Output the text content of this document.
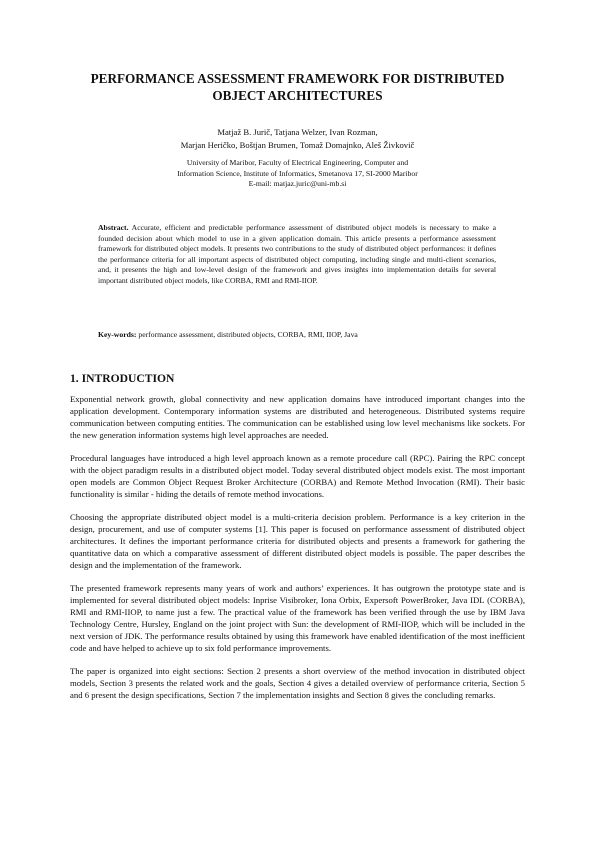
PERFORMANCE ASSESSMENT FRAMEWORK FOR DISTRIBUTED
OBJECT ARCHITECTURES
Matjaž B. Jurič, Tatjana Welzer, Ivan Rozman,
Marjan Heričko, Boštjan Brumen, Tomaž Domajnko, Aleš Živkovič
University of Maribor, Faculty of Electrical Engineering, Computer and
Information Science, Institute of Informatics, Smetanova 17, SI-2000 Maribor
E-mail: matjaz.juric@uni-mb.si

Abstract. Accurate, efficient and predictable performance assessment of distributed object models is necessary to make a founded decision about which model to use in a given application domain. This article presents a performance assessment framework for distributed object models. It presents two contributions to the study of distributed object performances: it defines the performance criteria for all important aspects of distributed object computing, including single and multi-client scenarios, and, it presents the high and low-level design of the framework and gives insights into implementation details for several important distributed object models, like CORBA, RMI and RMI-IIOP.

Key-words: performance assessment, distributed objects, CORBA, RMI, IIOP, Java

1. INTRODUCTION

Exponential network growth, global connectivity and new application domains have introduced important changes into the application development. Contemporary information systems are distributed and heterogeneous. Distributed systems require communication between computing entities. The communication can be established using low level mechanisms like sockets. For the new generation information systems high level approaches are needed.

Procedural languages have introduced a high level approach known as a remote procedure call (RPC). Pairing the RPC concept with the object paradigm results in a distributed object model. Today several distributed object models exist. The most important open models are Common Object Request Broker Architecture (CORBA) and Remote Method Invocation (RMI). Their basic functionality is similar - hiding the details of remote method invocations.

Choosing the appropriate distributed object model is a multi-criteria decision problem. Performance is a key criterion in the design, procurement, and use of computer systems [1]. This paper is focused on performance assessment of distributed object architectures. It defines the important performance criteria for distributed objects and presents a framework for gathering the quantitative data on which a comparative assessment of different distributed object models is possible. The paper describes the design and the implementation of the framework.

The presented framework represents many years of work and authors’ experiences. It has outgrown the prototype state and is implemented for several distributed object models: Inprise Visibroker, Iona Orbix, Expersoft PowerBroker, Java IDL (CORBA), RMI and RMI-IIOP, to name just a few. The practical value of the framework has been verified through the use by IBM Java Technology Centre, Hursley, England on the joint project with Sun: the development of RMI-IIOP, which will be included in the next version of JDK. The performance results obtained by using this framework have enabled identification of the most inefficient code and have helped to achieve up to six fold performance improvements.

The paper is organized into eight sections: Section 2 presents a short overview of the method invocation in distributed object models, Section 3 presents the related work and the goals, Section 4 gives a detailed overview of performance criteria, Section 5 and 6 present the design specifications, Section 7 the implementation insights and Section 8 gives the concluding remarks.
